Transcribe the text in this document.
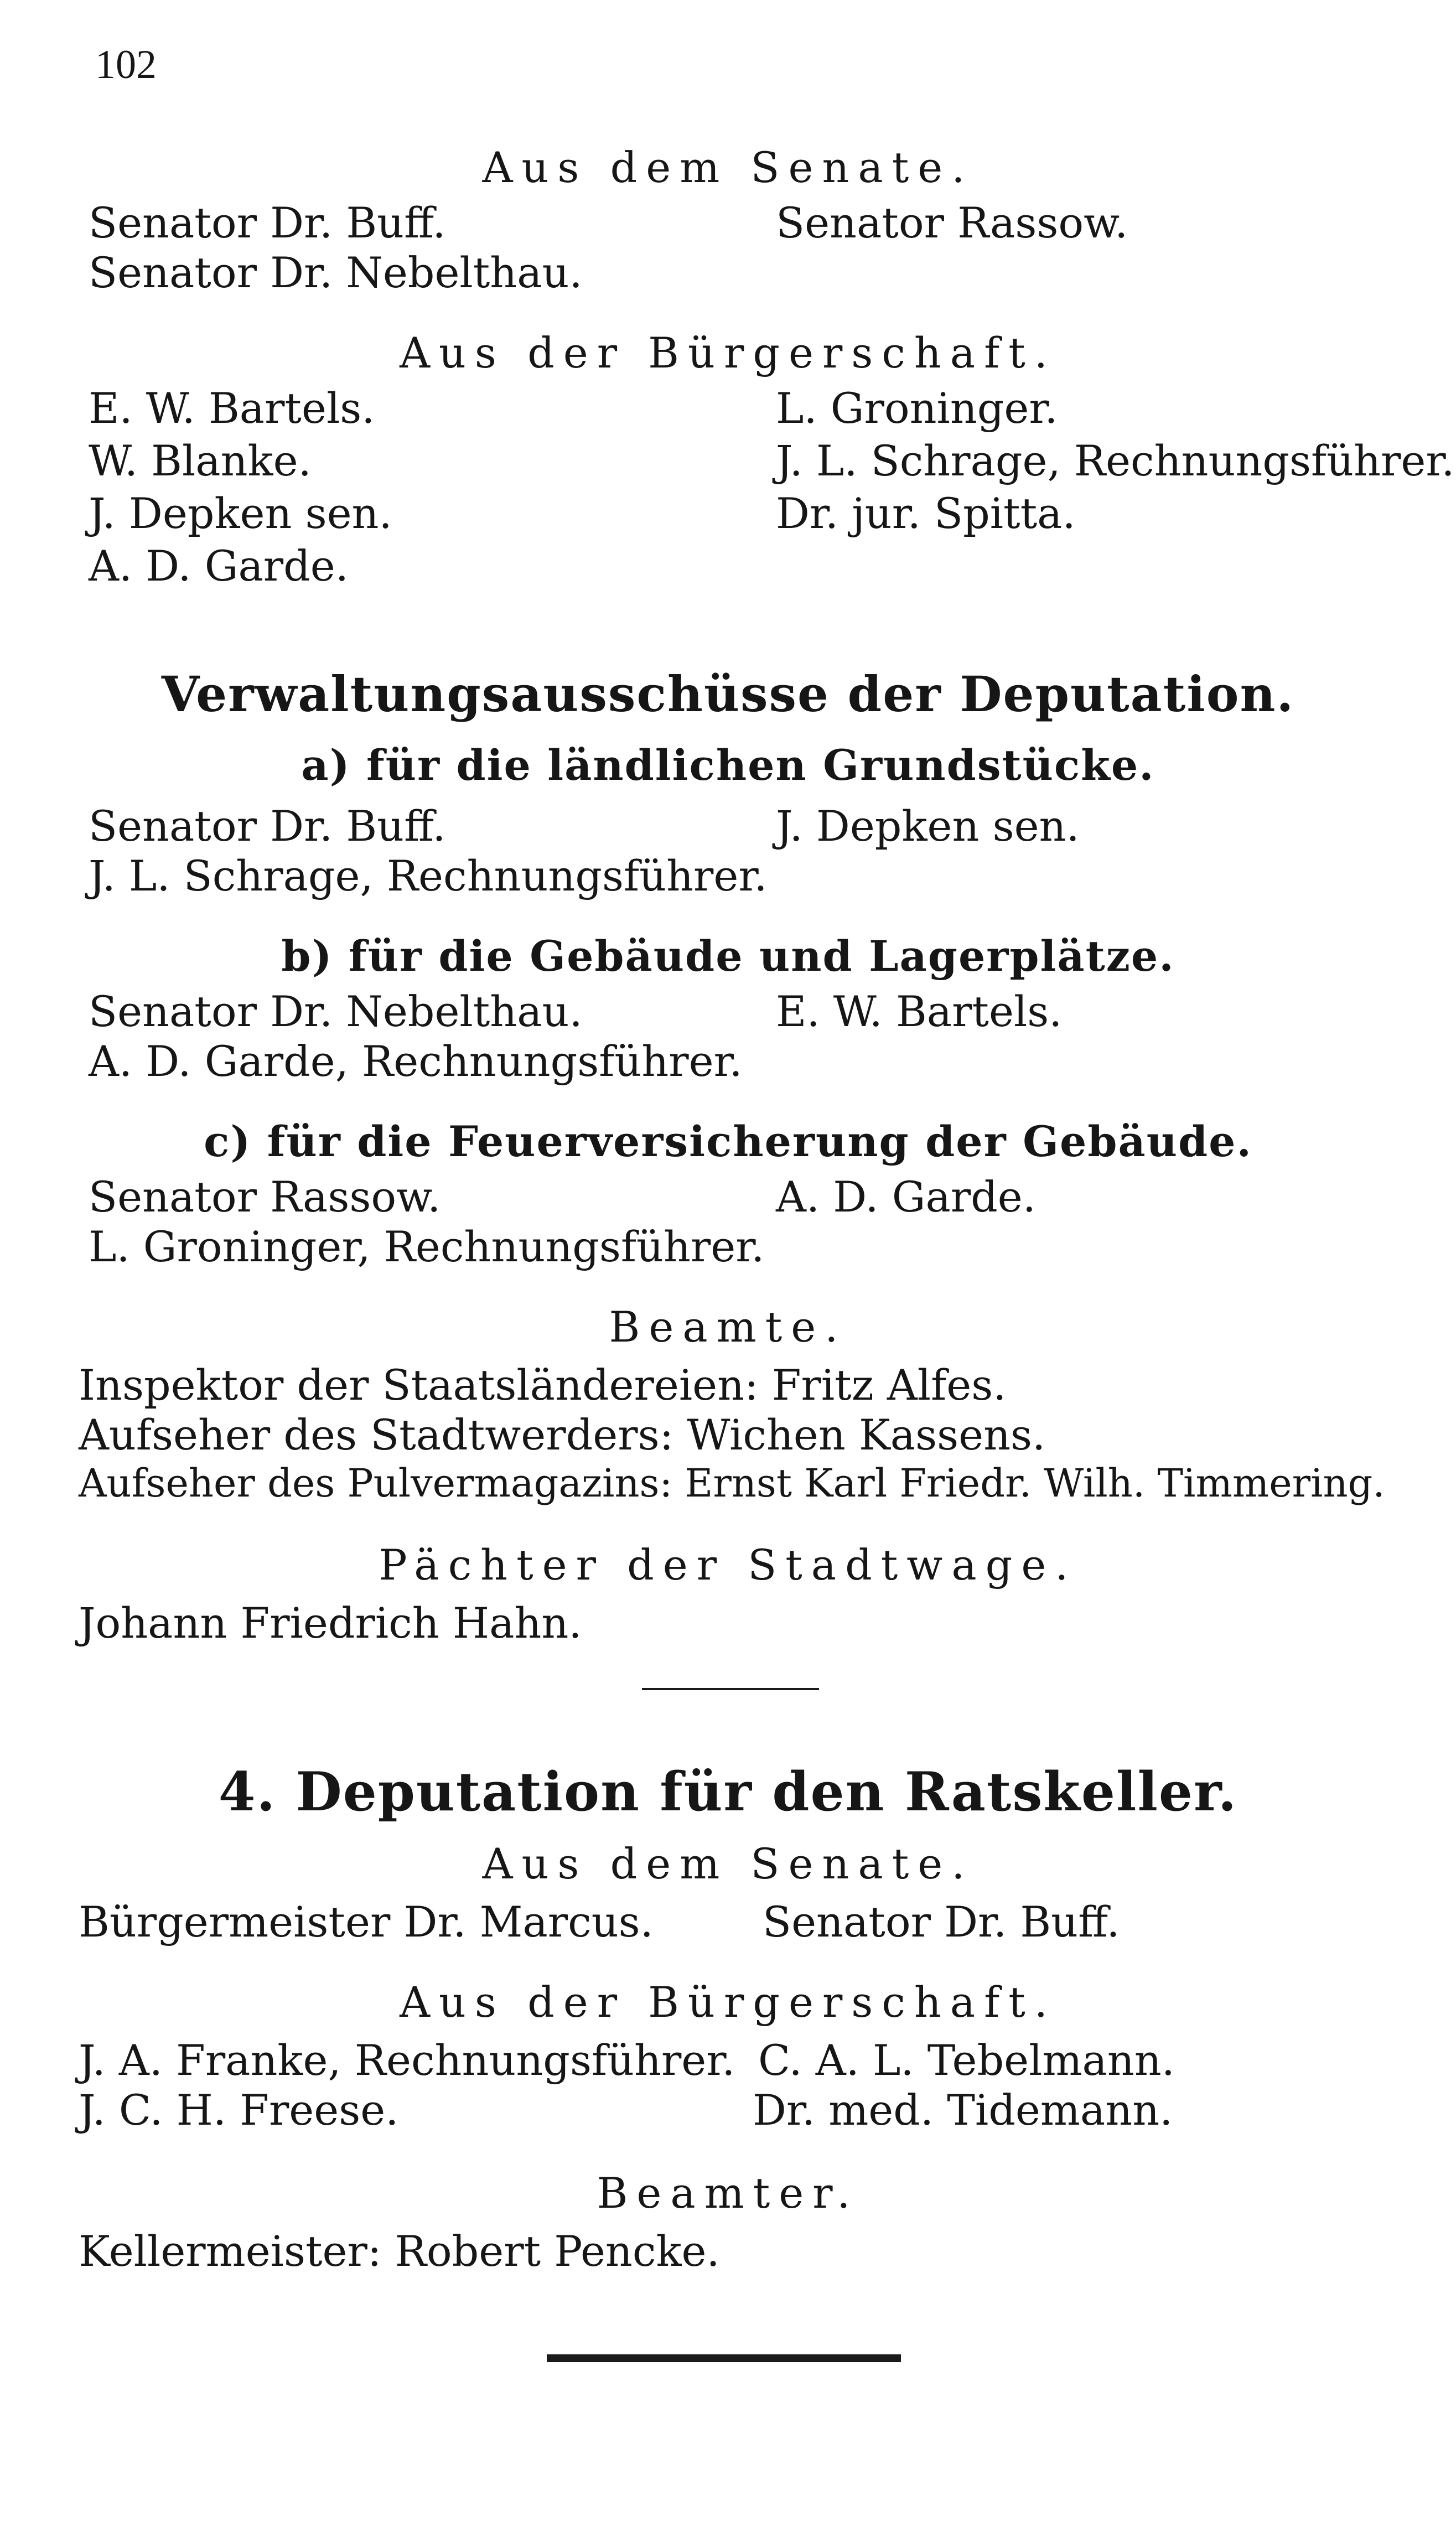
102
Aus dem Senate.
Senator Dr. Buff.	Senator Rassow.
Senator Dr. Nebelthau.
Aus der Bürgerschaft.
E. W. Bartels.	L. Groninger.
W. Blanke.	J. L. Schrage, Rechnungsführer.
J. Depken sen.	Dr. jur. Spitta.
A. D. Garde.
Verwaltungsausschüsse der Deputation.
a) für die ländlichen Grundstücke.
Senator Dr. Buff.	J. Depken sen.
J. L. Schrage, Rechnungsführer.
b) für die Gebäude und Lagerplätze.
Senator Dr. Nebelthau.	E. W. Bartels.
A. D. Garde, Rechnungsführer.
c) für die Feuerversicherung der Gebäude.
Senator Rassow.	A. D. Garde.
L. Groninger, Rechnungsführer.
Beamte.
Inspektor der Staatsländereien: Fritz Alfes.
Aufseher des Stadtwerders: Wichen Kassens.
Aufseher des Pulvermagazins: Ernst Karl Friedr. Wilh. Timmering.
Pächter der Stadtwage.
Johann Friedrich Hahn.
4. Deputation für den Ratskeller.
Aus dem Senate.
Bürgermeister Dr. Marcus.	Senator Dr. Buff.
Aus der Bürgerschaft.
J. A. Franke, Rechnungsführer. C. A. L. Tebelmann.
J. C. H. Freese.	Dr. med. Tidemann.
Beamter.
Kellermeister: Robert Pencke.
